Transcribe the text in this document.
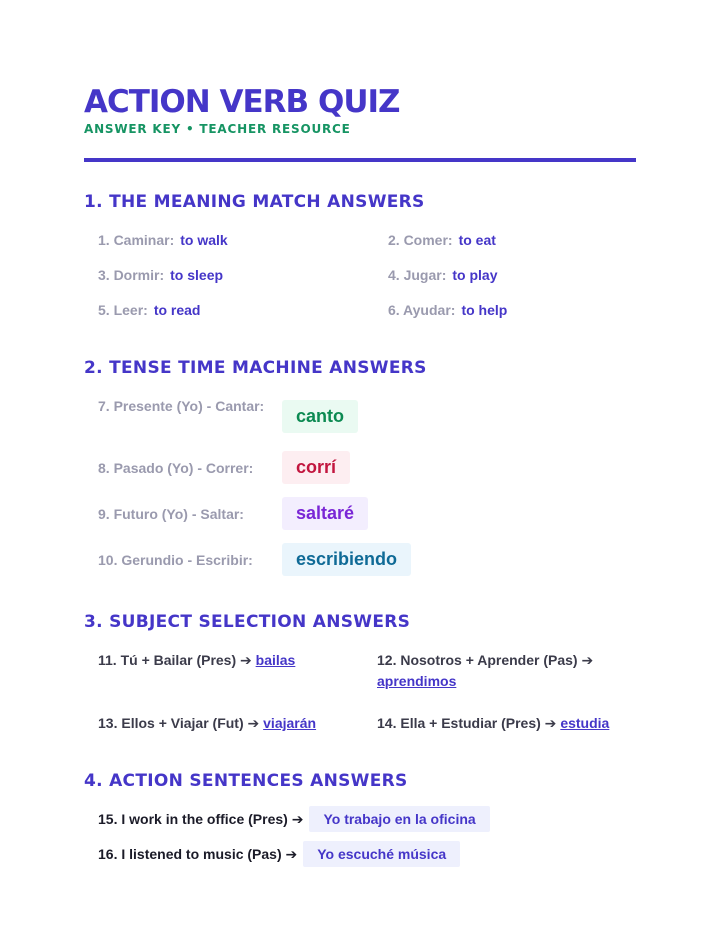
ACTION VERB QUIZ
ANSWER KEY • TEACHER RESOURCE
1. THE MEANING MATCH ANSWERS
1. Caminar: to walk	2. Comer: to eat
3. Dormir: to sleep	4. Jugar: to play
5. Leer: to read	6. Ayudar: to help
2. TENSE TIME MACHINE ANSWERS
7. Presente (Yo) - Cantar:	canto
8. Pasado (Yo) - Correr:	corrí
9. Futuro (Yo) - Saltar:	saltaré
10. Gerundio - Escribir:	escribiendo
3. SUBJECT SELECTION ANSWERS
11. Tú + Bailar (Pres) ➔ bailas	12. Nosotros + Aprender (Pas) ➔ aprendimos
13. Ellos + Viajar (Fut) ➔ viajarán	14. Ella + Estudiar (Pres) ➔ estudia
4. ACTION SENTENCES ANSWERS
15. I work in the office (Pres) ➔ Yo trabajo en la oficina
16. I listened to music (Pas) ➔ Yo escuché música
